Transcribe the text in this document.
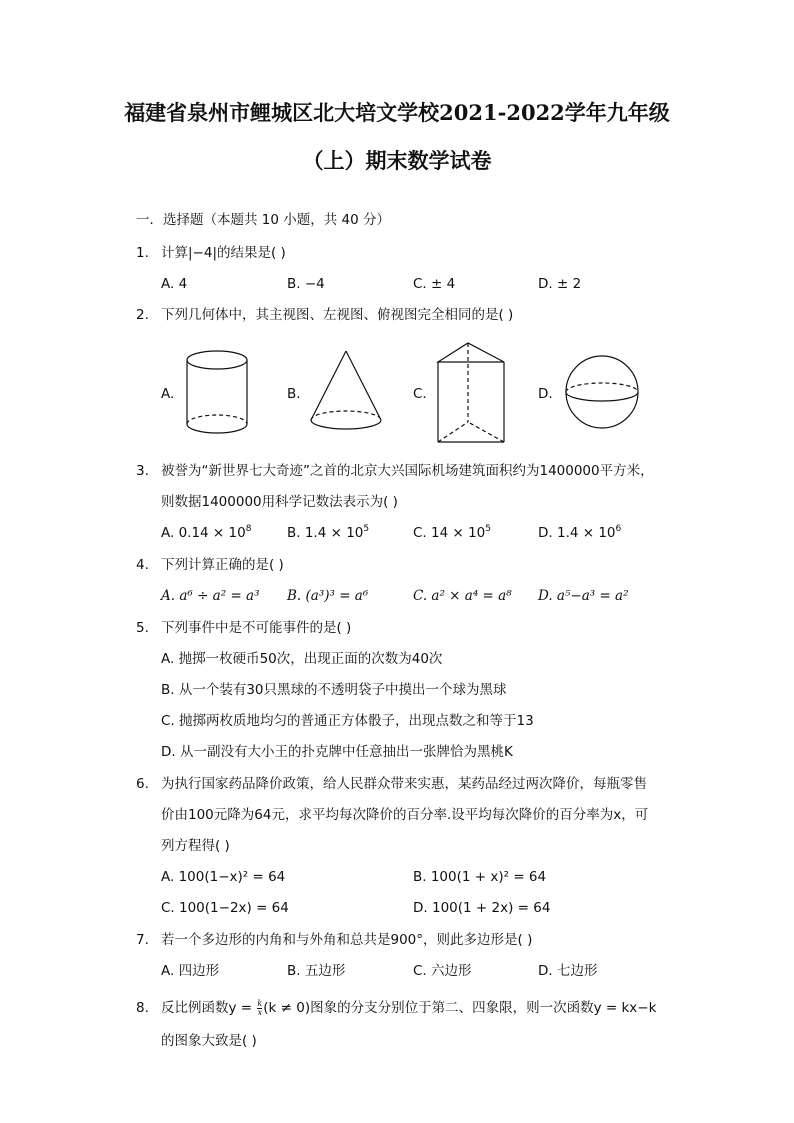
福建省泉州市鲤城区北大培文学校2021-2022学年九年级
（上）期末数学试卷
一．选择题（本题共 10 小题，共 40 分）
1. 计算|−4|的结果是( )
A. 4	B. −4	C. ± 4	D. ± 2
2. 下列几何体中，其主视图、左视图、俯视图完全相同的是( )
A.	B.	C.	D.
3. 被誉为“新世界七大奇迹”之首的北京大兴国际机场建筑面积约为1400000平方米，
则数据1400000用科学记数法表示为( )
A. $0.14 \times 10^8$	B. $1.4 \times 10^5$	C. $14 \times 10^5$	D. $1.4 \times 10^6$
4. 下列计算正确的是( )
A. a⁶ ÷ a² = a³ B. (a³)³ = a⁶	C. a² × a⁴ = a⁸ D. a⁵−a³ = a²
5. 下列事件中是不可能事件的是( )
A. 抛掷一枚硬币50次，出现正面的次数为40次
B. 从一个装有30只黑球的不透明袋子中摸出一个球为黑球
C. 抛掷两枚质地均匀的普通正方体骰子，出现点数之和等于13
D. 从一副没有大小王的扑克牌中任意抽出一张牌恰为黑桃K
6. 为执行国家药品降价政策，给人民群众带来实惠，某药品经过两次降价，每瓶零售
价由100元降为64元，求平均每次降价的百分率.设平均每次降价的百分率为x，可
列方程得( )
A. 100(1−x)² = 64	B. 100(1 + x)² = 64
C. 100(1−2x) = 64	D. 100(1 + 2x) = 64
7. 若一个多边形的内角和与外角和总共是900°，则此多边形是( )
A. 四边形	B. 五边形	C. 六边形	D. 七边形
8. 反比例函数$y = \frac{k}{x} (k \ne 0)$图象的分支分别位于第二、四象限，则一次函数y = kx−k
的图象大致是( )
